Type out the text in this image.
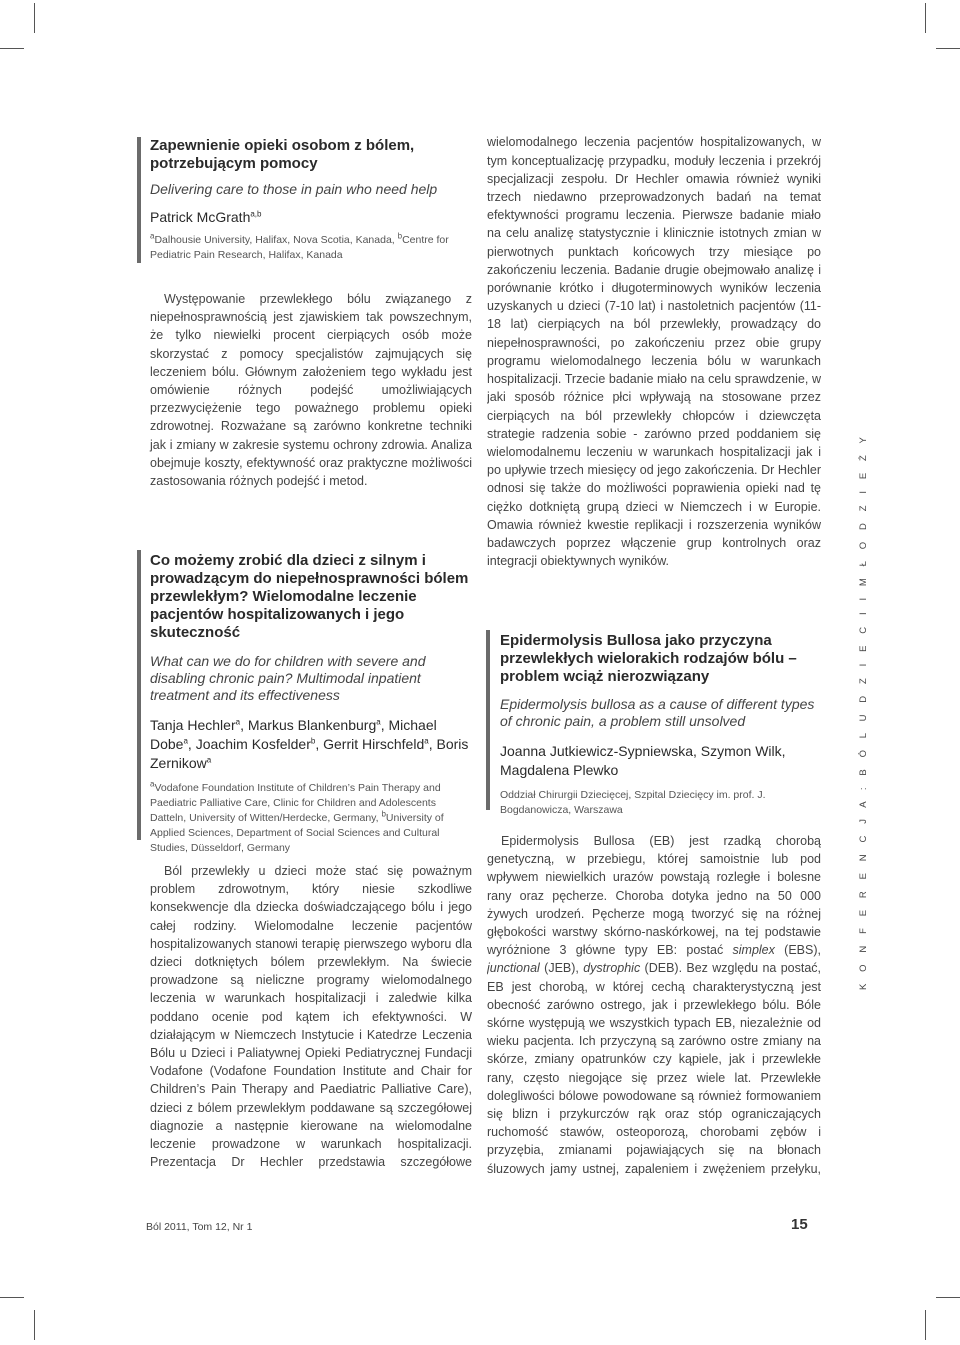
Zapewnienie opieki osobom z bólem, potrzebującym pomocy

Delivering care to those in pain who need help

Patrick McGrath$^{a,b}$

$^a$Dalhousie University, Halifax, Nova Scotia, Kanada, $^b$Centre for Pediatric Pain Research, Halifax, Kanada

Występowanie przewlekłego bólu związanego z niepełnosprawnością jest zjawiskiem tak powszechnym, że tylko niewielki procent cierpiących osób może skorzystać z pomocy specjalistów zajmujących się leczeniem bólu. Głównym założeniem tego wykładu jest omówienie różnych podejść umożliwiających przezwyciężenie tego poważnego problemu opieki zdrowotnej. Rozważane są zarówno konkretne techniki jak i zmiany w zakresie systemu ochrony zdrowia. Analiza obejmuje koszty, efektywność oraz praktyczne możliwości zastosowania różnych podejść i metod.

Co możemy zrobić dla dzieci z silnym i prowadzącym do niepełnosprawności bólem przewlekłym? Wielomodalne leczenie pacjentów hospitalizowanych i jego skuteczność

What can we do for children with severe and disabling chronic pain? Multimodal inpatient treatment and its effectiveness

Tanja Hechler$^a$, Markus Blankenburg$^a$, Michael Dobe$^a$, Joachim Kosfelder$^b$, Gerrit Hirschfeld$^a$, Boris Zernikow$^a$

$^a$Vodafone Foundation Institute of Children’s Pain Therapy and Paediatric Palliative Care, Clinic for Children and Adolescents Datteln, University of Witten/Herdecke, Germany, $^b$University of Applied Sciences, Department of Social Sciences and Cultural Studies, Düsseldorf, Germany

Ból przewlekły u dzieci może stać się poważnym problem zdrowotnym, który niesie szkodliwe konsekwencje dla dziecka doświadczającego bólu i jego całej rodziny. Wielomodalne leczenie pacjentów hospitalizowanych stanowi terapię pierwszego wyboru dla dzieci dotkniętych bólem przewlekłym. Na świecie prowadzone są nieliczne programy wielomodalnego leczenia w warunkach hospitalizacji i zaledwie kilka poddano ocenie pod kątem ich efektywności. W działającym w Niemczech Instytucie i Katedrze Leczenia Bólu u Dzieci i Paliatywnej Opieki Pediatrycznej Fundacji Vodafone (Vodafone Foundation Institute and Chair for Children’s Pain Therapy and Paediatric Palliative Care), dzieci z bólem przewlekłym poddawane są szczegółowej diagnozie a następnie kierowane na wielomodalne leczenie prowadzone w warunkach hospitalizacji. Prezentacja Dr Hechler przedstawia szczegółowe

wielomodalnego leczenia pacjentów hospitalizowanych, w tym konceptualizację przypadku, moduły leczenia i przekrój specjalizacji zespołu. Dr Hechler omawia również wyniki trzech niedawno przeprowadzonych badań na temat efektywności programu leczenia. Pierwsze badanie miało na celu analizę statystycznie i klinicznie istotnych zmian w pierwotnych punktach końcowych trzy miesiące po zakończeniu leczenia. Badanie drugie obejmowało analizę i porównanie krótko i długoterminowych wyników leczenia uzyskanych u dzieci (7-10 lat) i nastoletnich pacjentów (11-18 lat) cierpiących na ból przewlekły, prowadzący do niepełnosprawności, po zakończeniu przez obie grupy programu wielomodalnego leczenia bólu w warunkach hospitalizacji. Trzecie badanie miało na celu sprawdzenie, w jaki sposób różnice płci wpływają na stosowane przez cierpiących na ból przewlekły chłopców i dziewczęta strategie radzenia sobie - zarówno przed poddaniem się wielomodalnemu leczeniu w warunkach hospitalizacji jak i po upływie trzech miesięcy od jego zakończenia. Dr Hechler odnosi się także do możliwości poprawienia opieki nad tę ciężko dotkniętą grupą dzieci w Niemczech i w Europie. Omawia również kwestie replikacji i rozszerzenia wyników badawczych poprzez włączenie grup kontrolnych oraz integracji obiektywnych wyników.

Epidermolysis Bullosa jako przyczyna przewlekłych wielorakich rodzajów bólu – problem wciąż nierozwiązany

Epidermolysis bullosa as a cause of different types of chronic pain, a problem still unsolved

Joanna Jutkiewicz-Sypniewska, Szymon Wilk, Magdalena Plewko

Oddział Chirurgii Dziecięcej, Szpital Dziecięcy im. prof. J. Bogdanowicza, Warszawa

Epidermolysis Bullosa (EB) jest rzadką chorobą genetyczną, w przebiegu, której samoistnie lub pod wpływem niewielkich urazów powstają rozległe i bolesne rany oraz pęcherze. Choroba dotyka jedno na 50 000 żywych urodzeń. Pęcherze mogą tworzyć się na różnej głębokości warstwy skórno-naskórkowej, na tej podstawie wyróżnione 3 główne typy EB: postać simplex (EBS), junctional (JEB), dystrophic (DEB). Bez względu na postać, EB jest chorobą, w której cechą charakterystyczną jest obecność zarówno ostrego, jak i przewlekłego bólu. Bóle skórne występują we wszystkich typach EB, niezależnie od wieku pacjenta. Ich przyczyną są zarówno ostre zmiany na skórze, zmiany opatrunków czy kąpiele, jak i przewlekłe rany, często niegojące się przez wiele lat. Przewlekłe dolegliwości bólowe powodowane są również formowaniem się blizn i przykurczów rąk oraz stóp ograniczających ruchomość stawów, osteoporozą, chorobami zębów i przyzębia, zmianami pojawiających się na błonach śluzowych jamy ustnej, zapaleniem i zwężeniem przełyku,

K O N F E R E N C J A : B Ó L U D Z I E C I I M Ł O D Z I E Ż Y
Ból 2011, Tom 12, Nr 1	15
